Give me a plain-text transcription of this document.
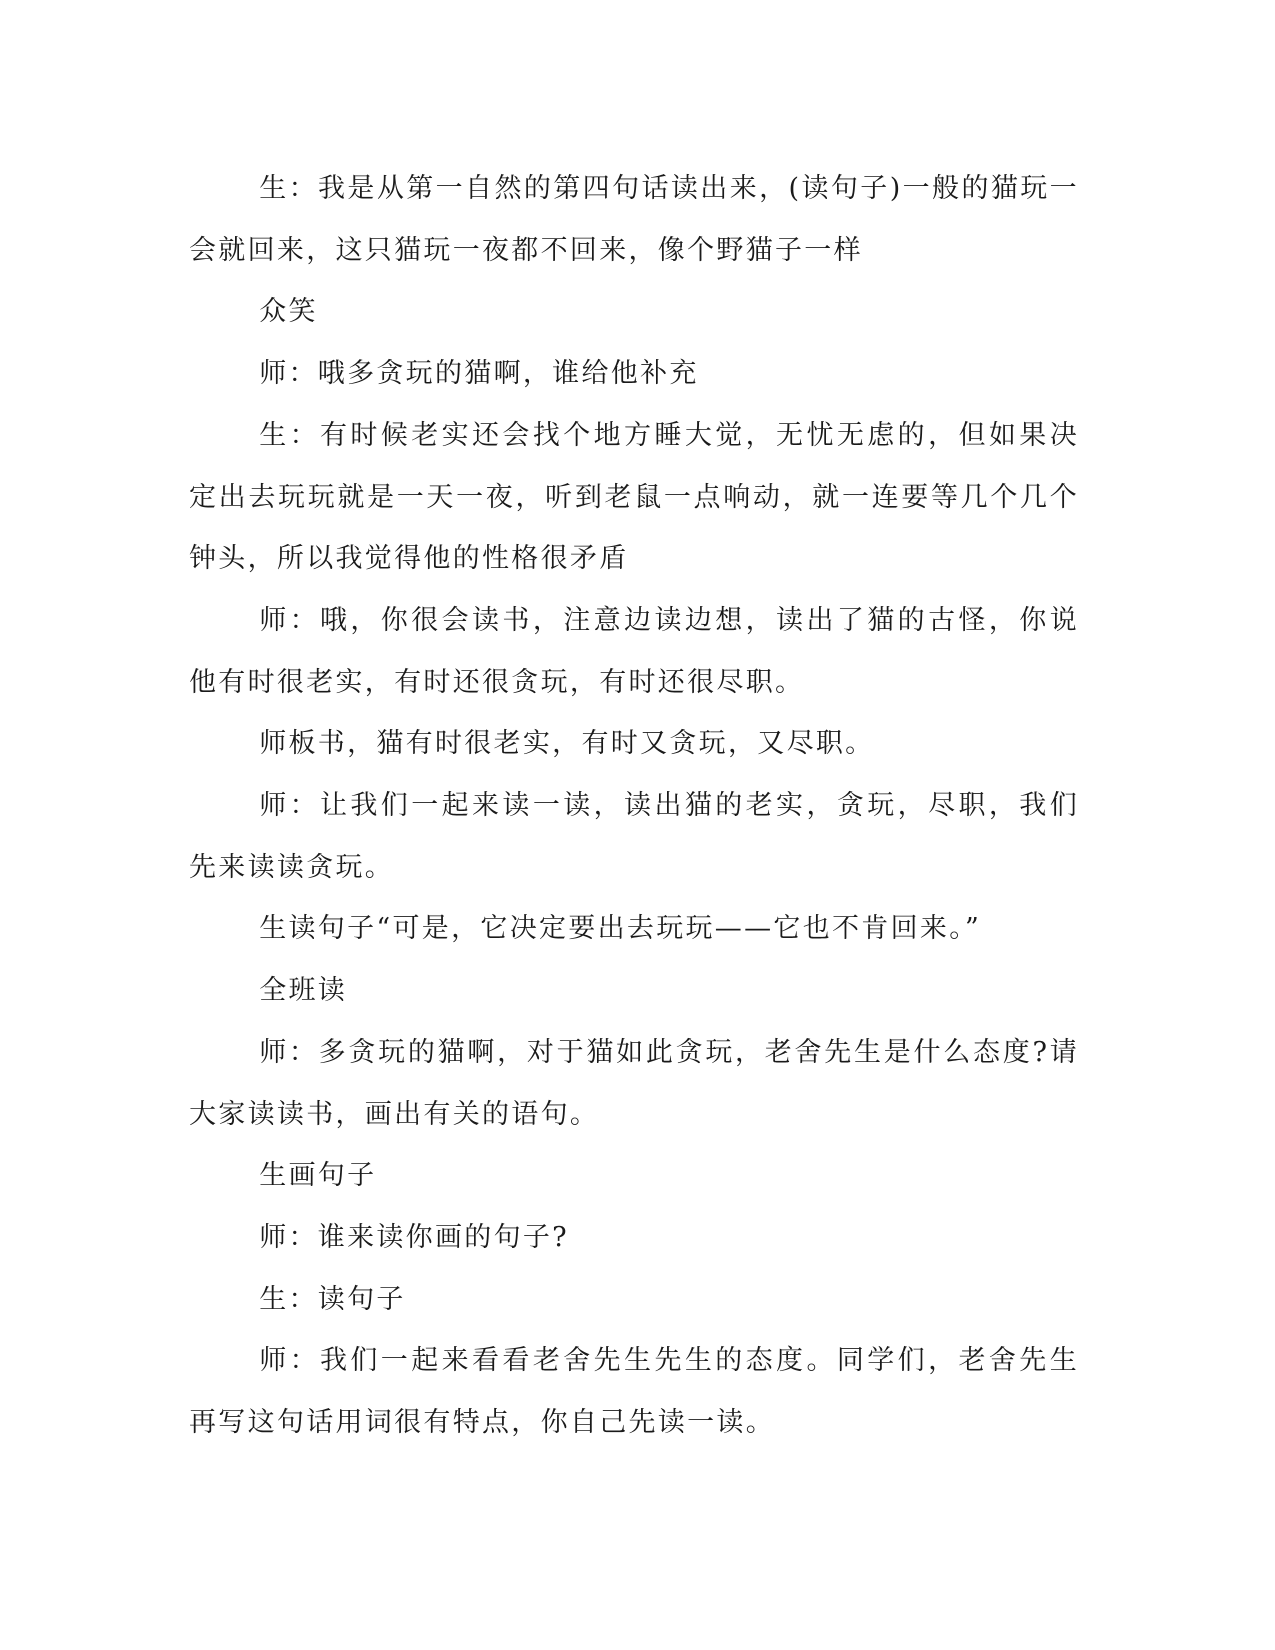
生：我是从第一自然的第四句话读出来，(读句子)一般的猫玩一会就回来，这只猫玩一夜都不回来，像个野猫子一样

众笑

师：哦多贪玩的猫啊，谁给他补充

生：有时候老实还会找个地方睡大觉，无忧无虑的，但如果决定出去玩玩就是一天一夜，听到老鼠一点响动，就一连要等几个几个钟头，所以我觉得他的性格很矛盾

师：哦，你很会读书，注意边读边想，读出了猫的古怪，你说他有时很老实，有时还很贪玩，有时还很尽职。

师板书，猫有时很老实，有时又贪玩，又尽职。

师：让我们一起来读一读，读出猫的老实，贪玩，尽职，我们先来读读贪玩。

生读句子“可是，它决定要出去玩玩——它也不肯回来。”

全班读

师：多贪玩的猫啊，对于猫如此贪玩，老舍先生是什么态度?请大家读读书，画出有关的语句。

生画句子

师：谁来读你画的句子?

生：读句子

师：我们一起来看看老舍先生先生的态度。同学们，老舍先生再写这句话用词很有特点，你自己先读一读。
